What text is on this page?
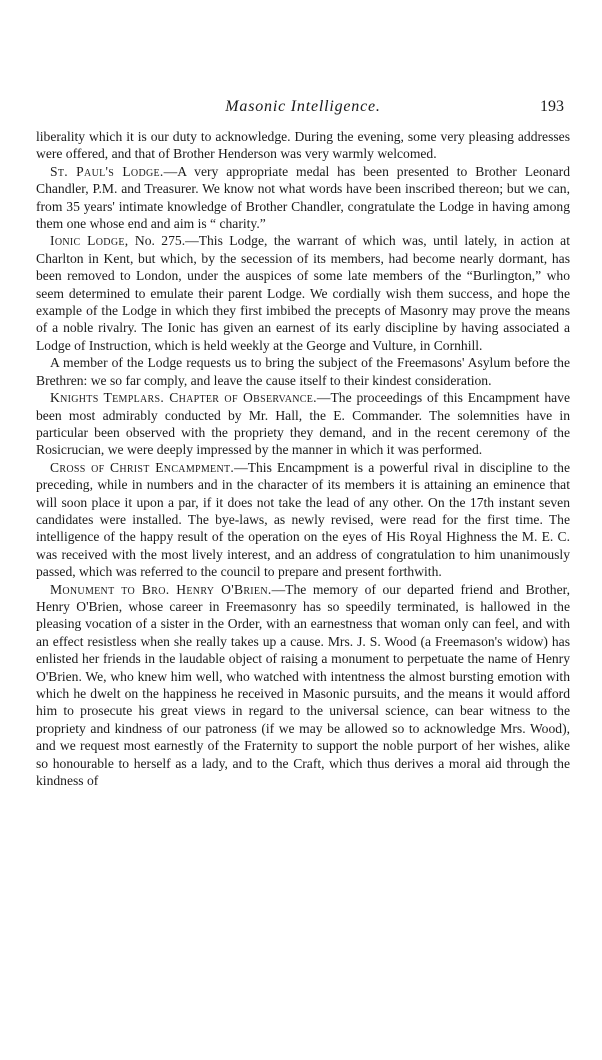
Masonic Intelligence.	193

liberality which it is our duty to acknowledge. During the evening, some very pleasing addresses were offered, and that of Brother Henderson was very warmly welcomed.

St. Paul's Lodge.—A very appropriate medal has been presented to Brother Leonard Chandler, P.M. and Treasurer. We know not what words have been inscribed thereon; but we can, from 35 years' intimate knowledge of Brother Chandler, congratulate the Lodge in having among them one whose end and aim is “ charity.”

Ionic Lodge, No. 275.—This Lodge, the warrant of which was, until lately, in action at Charlton in Kent, but which, by the secession of its members, had become nearly dormant, has been removed to London, under the auspices of some late members of the “Burlington,” who seem determined to emulate their parent Lodge. We cordially wish them success, and hope the example of the Lodge in which they first imbibed the precepts of Masonry may prove the means of a noble rivalry. The Ionic has given an earnest of its early discipline by having associated a Lodge of Instruction, which is held weekly at the George and Vulture, in Cornhill.

A member of the Lodge requests us to bring the subject of the Freemasons' Asylum before the Brethren: we so far comply, and leave the cause itself to their kindest consideration.

Knights Templars. Chapter of Observance.—The proceedings of this Encampment have been most admirably conducted by Mr. Hall, the E. Commander. The solemnities have in particular been observed with the propriety they demand, and in the recent ceremony of the Rosicrucian, we were deeply impressed by the manner in which it was performed.

Cross of Christ Encampment.—This Encampment is a powerful rival in discipline to the preceding, while in numbers and in the character of its members it is attaining an eminence that will soon place it upon a par, if it does not take the lead of any other. On the 17th instant seven candidates were installed. The bye-laws, as newly revised, were read for the first time. The intelligence of the happy result of the operation on the eyes of His Royal Highness the M. E. C. was received with the most lively interest, and an address of congratulation to him unanimously passed, which was referred to the council to prepare and present forthwith.

Monument to Bro. Henry O'Brien.—The memory of our departed friend and Brother, Henry O'Brien, whose career in Freemasonry has so speedily terminated, is hallowed in the pleasing vocation of a sister in the Order, with an earnestness that woman only can feel, and with an effect resistless when she really takes up a cause. Mrs. J. S. Wood (a Freemason's widow) has enlisted her friends in the laudable object of raising a monument to perpetuate the name of Henry O'Brien. We, who knew him well, who watched with intentness the almost bursting emotion with which he dwelt on the happiness he received in Masonic pursuits, and the means it would afford him to prosecute his great views in regard to the universal science, can bear witness to the propriety and kindness of our patroness (if we may be allowed so to acknowledge Mrs. Wood), and we request most earnestly of the Fraternity to support the noble purport of her wishes, alike so honourable to herself as a lady, and to the Craft, which thus derives a moral aid through the kindness of
